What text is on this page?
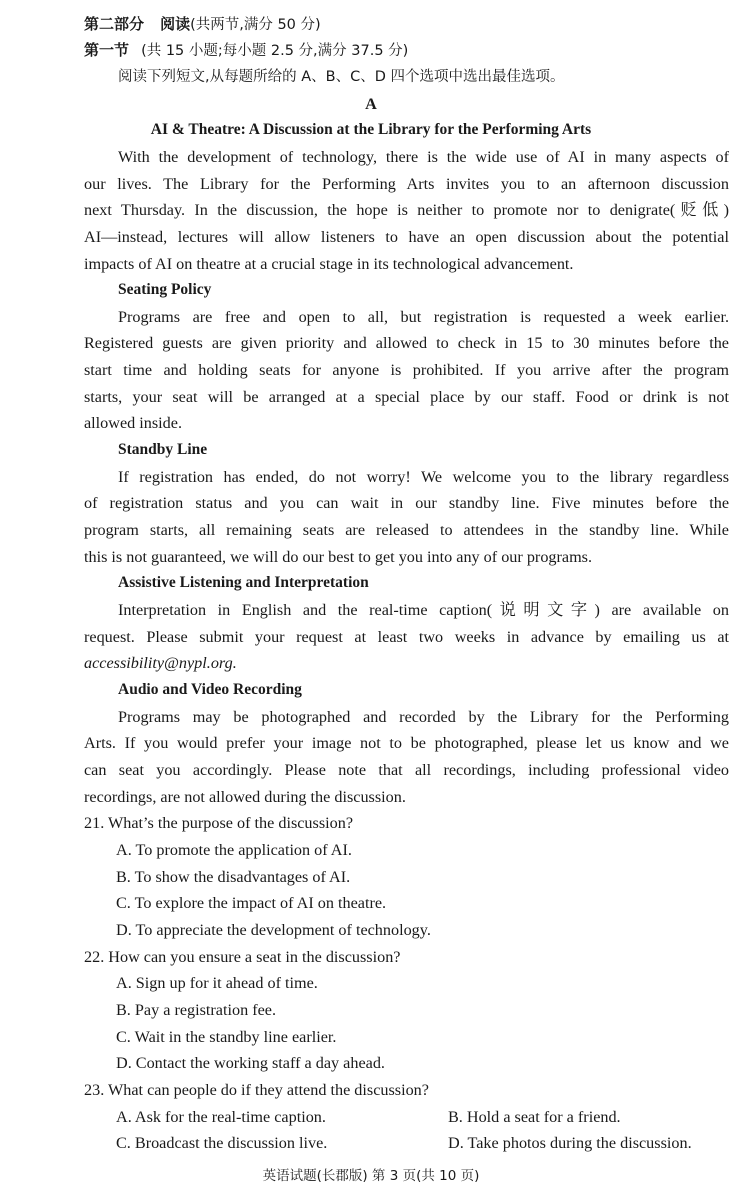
第二部分 阅读(共两节,满分 50 分)
第一节 (共 15 小题;每小题 2.5 分,满分 37.5 分)
阅读下列短文,从每题所给的 A、B、C、D 四个选项中选出最佳选项。
A
AI & Theatre: A Discussion at the Library for the Performing Arts
With the development of technology, there is the wide use of AI in many aspects of
our lives. The Library for the Performing Arts invites you to an afternoon discussion
next Thursday. In the discussion, the hope is neither to promote nor to denigrate(贬低)
AI—instead, lectures will allow listeners to have an open discussion about the potential
impacts of AI on theatre at a crucial stage in its technological advancement.
Seating Policy
Programs are free and open to all, but registration is requested a week earlier.
Registered guests are given priority and allowed to check in 15 to 30 minutes before the
start time and holding seats for anyone is prohibited. If you arrive after the program
starts, your seat will be arranged at a special place by our staff. Food or drink is not
allowed inside.
Standby Line
If registration has ended, do not worry! We welcome you to the library regardless
of registration status and you can wait in our standby line. Five minutes before the
program starts, all remaining seats are released to attendees in the standby line. While
this is not guaranteed, we will do our best to get you into any of our programs.
Assistive Listening and Interpretation
Interpretation in English and the real-time caption(说明文字) are available on
request. Please submit your request at least two weeks in advance by emailing us at
accessibility@nypl.org.
Audio and Video Recording
Programs may be photographed and recorded by the Library for the Performing
Arts. If you would prefer your image not to be photographed, please let us know and we
can seat you accordingly. Please note that all recordings, including professional video
recordings, are not allowed during the discussion.
21. What’s the purpose of the discussion?
A. To promote the application of AI.
B. To show the disadvantages of AI.
C. To explore the impact of AI on theatre.
D. To appreciate the development of technology.
22. How can you ensure a seat in the discussion?
A. Sign up for it ahead of time.
B. Pay a registration fee.
C. Wait in the standby line earlier.
D. Contact the working staff a day ahead.
23. What can people do if they attend the discussion?
A. Ask for the real-time caption.	B. Hold a seat for a friend.
C. Broadcast the discussion live.	D. Take photos during the discussion.
英语试题(长郡版) 第 3 页(共 10 页)
